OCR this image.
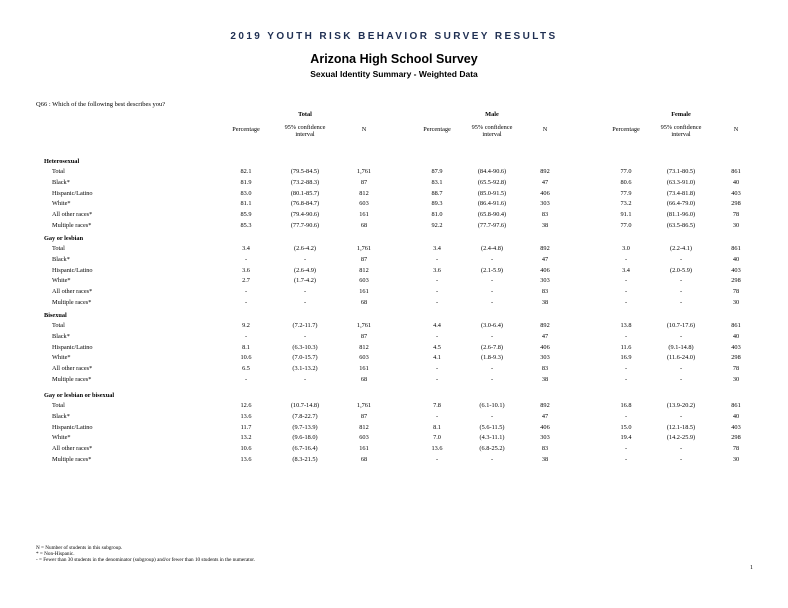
2019 YOUTH RISK BEHAVIOR SURVEY RESULTS
Arizona High School Survey
Sexual Identity Summary - Weighted Data
Q66 : Which of the following best describes you?
Total
Percentage	95% confidence interval
N
Male
Percentage	95% confidence interval
N
Female
Percentage	95% confidence interval
N
Heterosexual
Total	82.1	(79.5-84.5)	1,761	87.9	(84.4-90.6)	892	77.0	(73.1-80.5)	861
Black*	81.9	(73.2-88.3)	87	83.1	(65.5-92.8)	47	80.6	(63.3-91.0)	40
Hispanic/Latino	83.0	(80.1-85.7)	812	88.7	(85.0-91.5)	406	77.9	(73.4-81.8)	403
White*	81.1	(76.8-84.7)	603	89.3	(86.4-91.6)	303	73.2	(66.4-79.0)	298
All other races*	85.9	(79.4-90.6)	161	81.0	(65.8-90.4)	83	91.1	(81.1-96.0)	78
Multiple races*	85.3	(77.7-90.6)	68	92.2	(77.7-97.6)	38	77.0	(63.5-86.5)	30
Gay or lesbian
Total	3.4	(2.6-4.2)	1,761	3.4	(2.4-4.8)	892	3.0	(2.2-4.1)	861
Black*	-	-	87	-	-	47	-	-	40
Hispanic/Latino	3.6	(2.6-4.9)	812	3.6	(2.1-5.9)	406	3.4	(2.0-5.9)	403
White*	2.7	(1.7-4.2)	603	-	-	303	-	-	298
All other races*	-	-	161	-	-	83	-	-	78
Multiple races*	-	-	68	-	-	38	-	-	30
Bisexual
Total	9.2	(7.2-11.7)	1,761	4.4	(3.0-6.4)	892	13.8	(10.7-17.6)	861
Black*	-	-	87	-	-	47	-	-	40
Hispanic/Latino	8.1	(6.3-10.3)	812	4.5	(2.6-7.8)	406	11.6	(9.1-14.8)	403
White*	10.6	(7.0-15.7)	603	4.1	(1.8-9.3)	303	16.9	(11.6-24.0)	298
All other races*	6.5	(3.1-13.2)	161	-	-	83	-	-	78
Multiple races*	-	-	68	-	-	38	-	-	30
Gay or lesbian or bisexual
Total	12.6	(10.7-14.8)	1,761	7.8	(6.1-10.1)	892	16.8	(13.9-20.2)	861
Black*	13.6	(7.8-22.7)	87	-	-	47	-	-	40
Hispanic/Latino	11.7	(9.7-13.9)	812	8.1	(5.6-11.5)	406	15.0	(12.1-18.5)	403
White*	13.2	(9.6-18.0)	603	7.0	(4.3-11.1)	303	19.4	(14.2-25.9)	298
All other races*	10.6	(6.7-16.4)	161	13.6	(6.8-25.2)	83	-	-	78
Multiple races*	13.6	(8.3-21.5)	68	-	-	38	-	-	30
N = Number of students in this subgroup.
* = Non-Hispanic.
- = Fewer than 30 students in the denominator (subgroup) and/or fewer than 10 students in the numerator.
1
